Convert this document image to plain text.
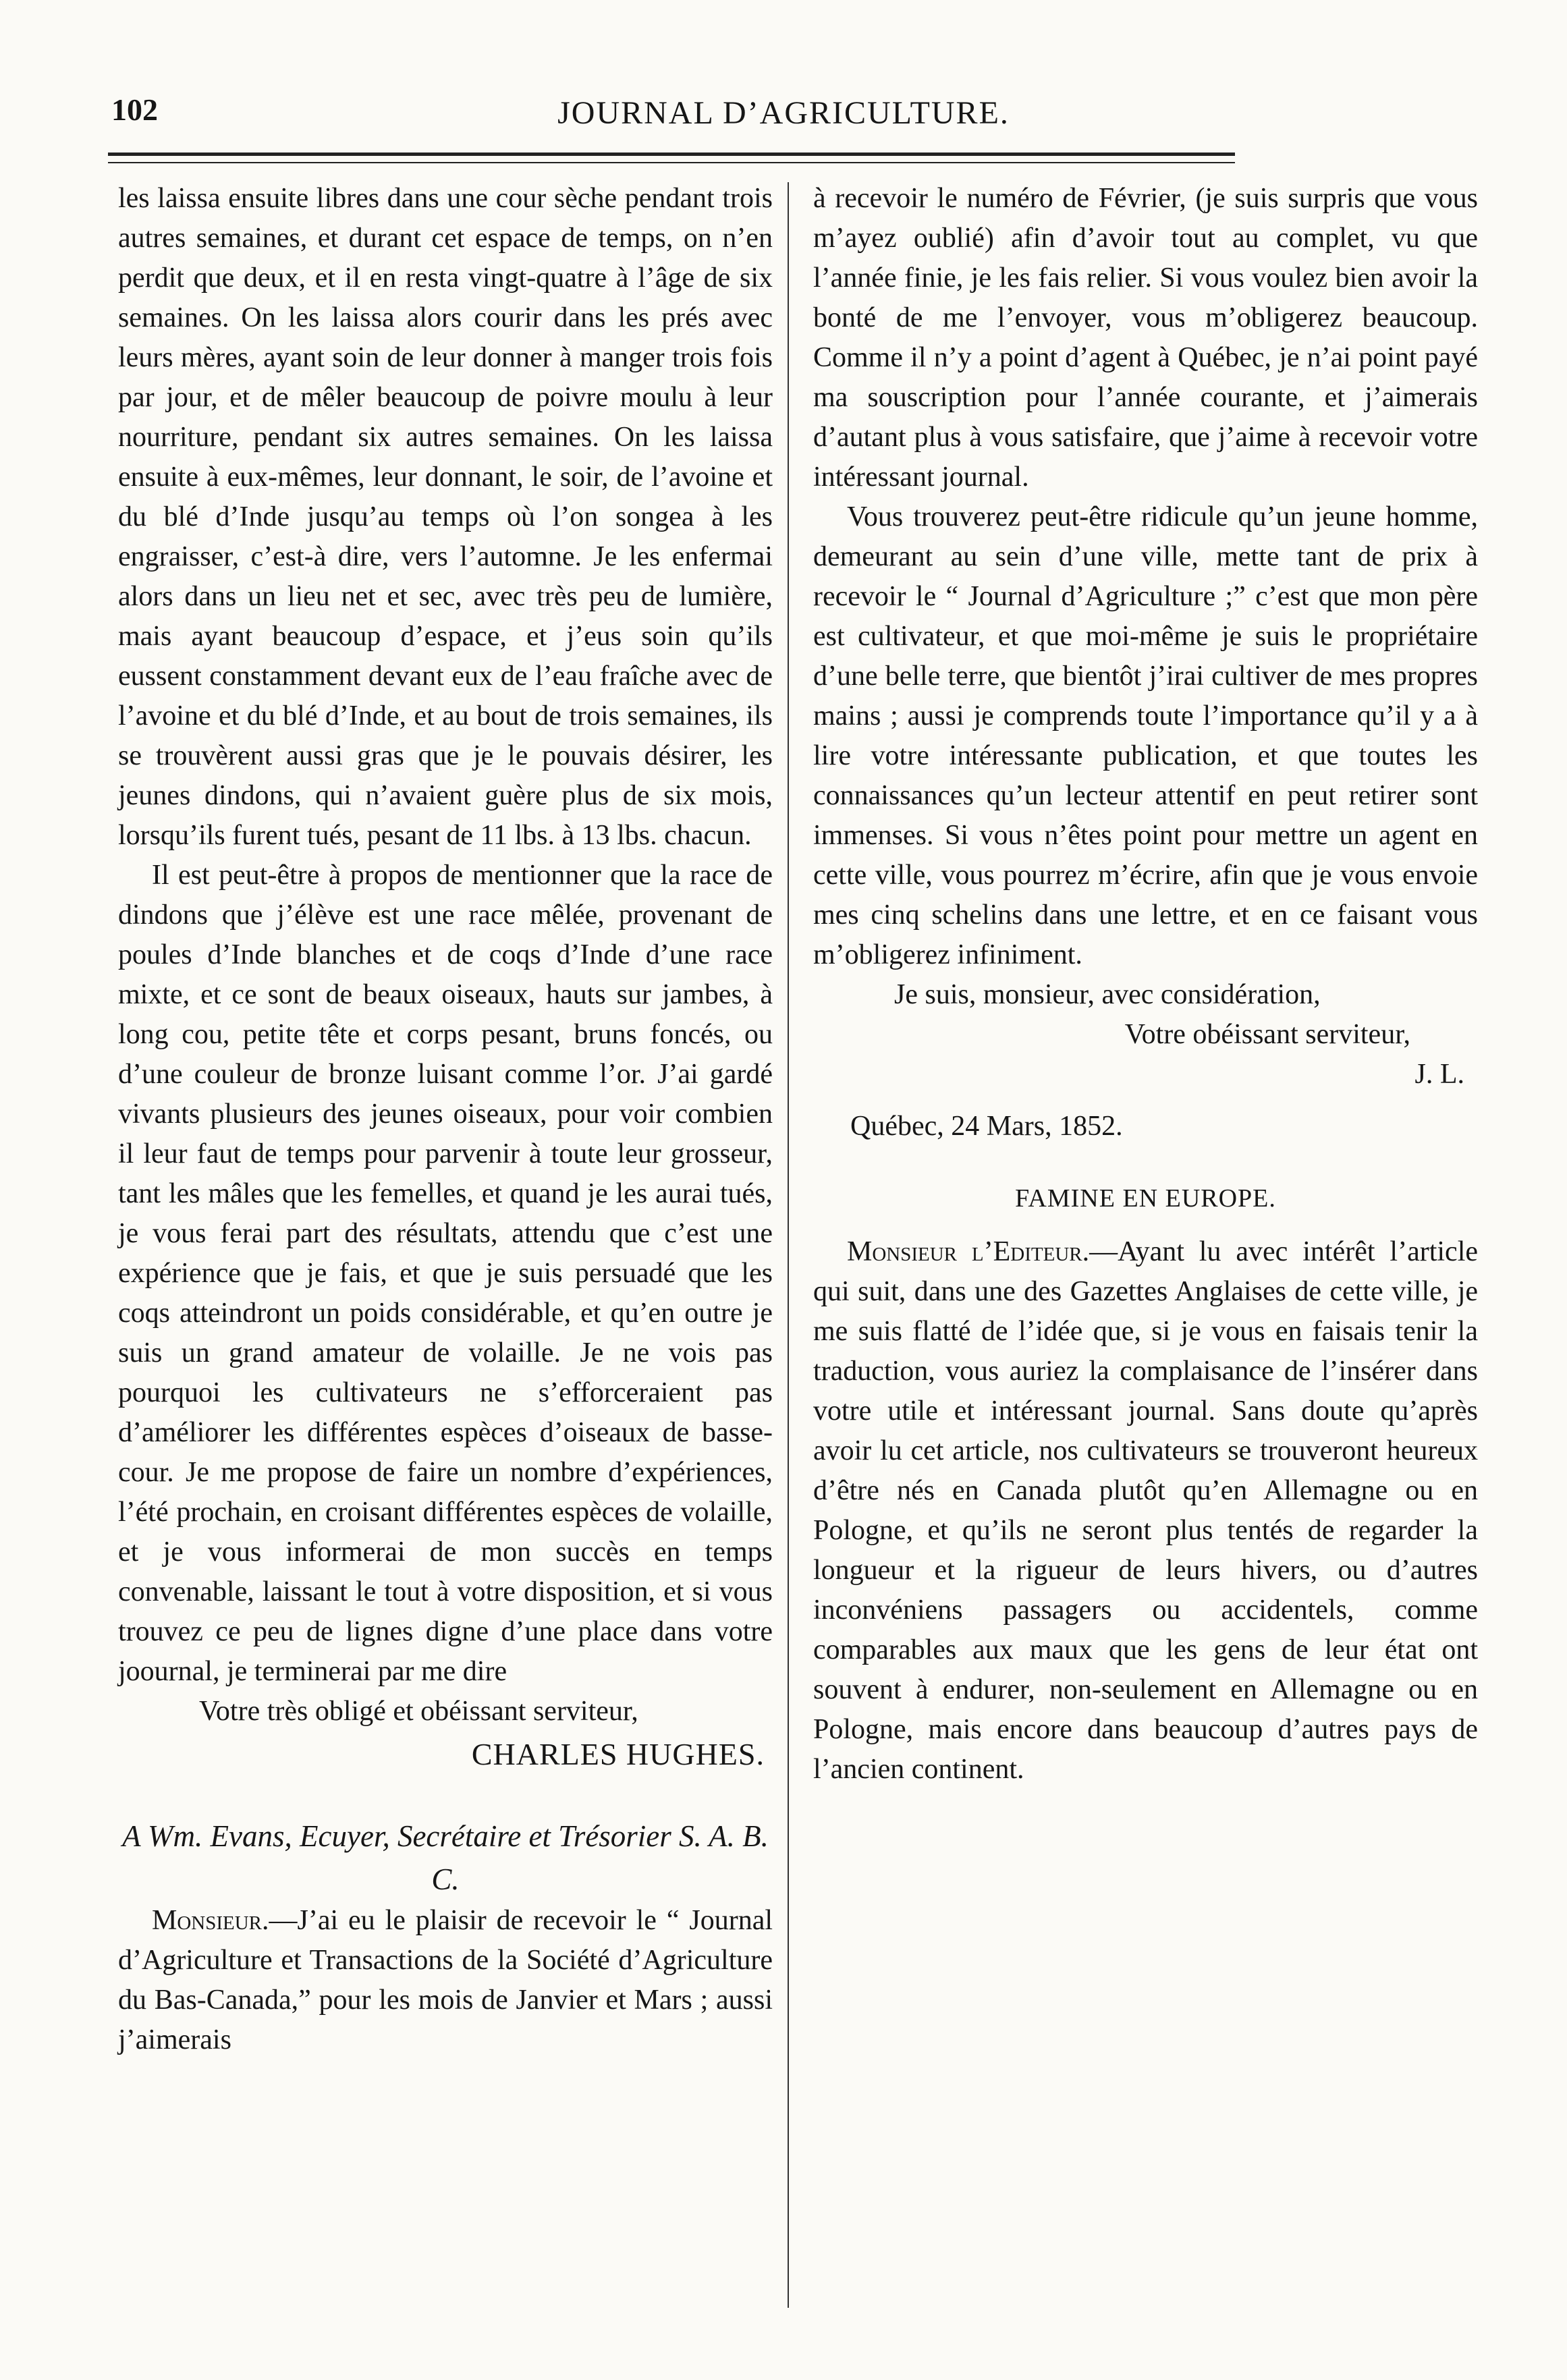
102	JOURNAL D’AGRICULTURE.

les laissa ensuite libres dans une cour sèche pendant trois autres semaines, et durant cet espace de temps, on n’en perdit que deux, et il en resta vingt-quatre à l’âge de six semaines. On les laissa alors courir dans les prés avec leurs mères, ayant soin de leur donner à manger trois fois par jour, et de mêler beaucoup de poivre moulu à leur nourriture, pendant six autres semaines. On les laissa ensuite à eux-mêmes, leur donnant, le soir, de l’avoine et du blé d’Inde jusqu’au temps où l’on songea à les engraisser, c’est-à dire, vers l’automne. Je les enfermai alors dans un lieu net et sec, avec très peu de lumière, mais ayant beaucoup d’espace, et j’eus soin qu’ils eussent constamment devant eux de l’eau fraîche avec de l’avoine et du blé d’Inde, et au bout de trois semaines, ils se trouvèrent aussi gras que je le pouvais désirer, les jeunes dindons, qui n’avaient guère plus de six mois, lorsqu’ils furent tués, pesant de 11 lbs. à 13 lbs. chacun.

Il est peut-être à propos de mentionner que la race de dindons que j’élève est une race mêlée, provenant de poules d’Inde blanches et de coqs d’Inde d’une race mixte, et ce sont de beaux oiseaux, hauts sur jambes, à long cou, petite tête et corps pesant, bruns foncés, ou d’une couleur de bronze luisant comme l’or. J’ai gardé vivants plusieurs des jeunes oiseaux, pour voir combien il leur faut de temps pour parvenir à toute leur grosseur, tant les mâles que les femelles, et quand je les aurai tués, je vous ferai part des résultats, attendu que c’est une expérience que je fais, et que je suis persuadé que les coqs atteindront un poids considérable, et qu’en outre je suis un grand amateur de volaille. Je ne vois pas pourquoi les cultivateurs ne s’efforceraient pas d’améliorer les différentes espèces d’oiseaux de basse-cour. Je me propose de faire un nombre d’expériences, l’été prochain, en croisant différentes espèces de volaille, et je vous informerai de mon succès en temps convenable, laissant le tout à votre disposition, et si vous trouvez ce peu de lignes digne d’une place dans votre joournal, je terminerai par me dire

Votre très obligé et obéissant serviteur,

CHARLES HUGHES.

A Wm. Evans, Ecuyer, Secrétaire et Trésorier S. A. B. C.

Monsieur.—J’ai eu le plaisir de recevoir le “ Journal d’Agriculture et Transactions de la Société d’Agriculture du Bas-Canada,” pour les mois de Janvier et Mars ; aussi j’aimerais

à recevoir le numéro de Février, (je suis surpris que vous m’ayez oublié) afin d’avoir tout au complet, vu que l’année finie, je les fais relier. Si vous voulez bien avoir la bonté de me l’envoyer, vous m’obligerez beaucoup. Comme il n’y a point d’agent à Québec, je n’ai point payé ma souscription pour l’année courante, et j’aimerais d’autant plus à vous satisfaire, que j’aime à recevoir votre intéressant journal.

Vous trouverez peut-être ridicule qu’un jeune homme, demeurant au sein d’une ville, mette tant de prix à recevoir le “ Journal d’Agriculture ;” c’est que mon père est cultivateur, et que moi-même je suis le propriétaire d’une belle terre, que bientôt j’irai cultiver de mes propres mains ; aussi je comprends toute l’importance qu’il y a à lire votre intéressante publication, et que toutes les connaissances qu’un lecteur attentif en peut retirer sont immenses. Si vous n’êtes point pour mettre un agent en cette ville, vous pourrez m’écrire, afin que je vous envoie mes cinq schelins dans une lettre, et en ce faisant vous m’obligerez infiniment.

Je suis, monsieur, avec considération,

Votre obéissant serviteur,

J. L.

Québec, 24 Mars, 1852.

FAMINE EN EUROPE.

Monsieur l’Editeur.—Ayant lu avec intérêt l’article qui suit, dans une des Gazettes Anglaises de cette ville, je me suis flatté de l’idée que, si je vous en faisais tenir la traduction, vous auriez la complaisance de l’insérer dans votre utile et intéressant journal. Sans doute qu’après avoir lu cet article, nos cultivateurs se trouveront heureux d’être nés en Canada plutôt qu’en Allemagne ou en Pologne, et qu’ils ne seront plus tentés de regarder la longueur et la rigueur de leurs hivers, ou d’autres inconvéniens passagers ou accidentels, comme comparables aux maux que les gens de leur état ont souvent à endurer, non-seulement en Allemagne ou en Pologne, mais encore dans beaucoup d’autres pays de l’ancien continent.
